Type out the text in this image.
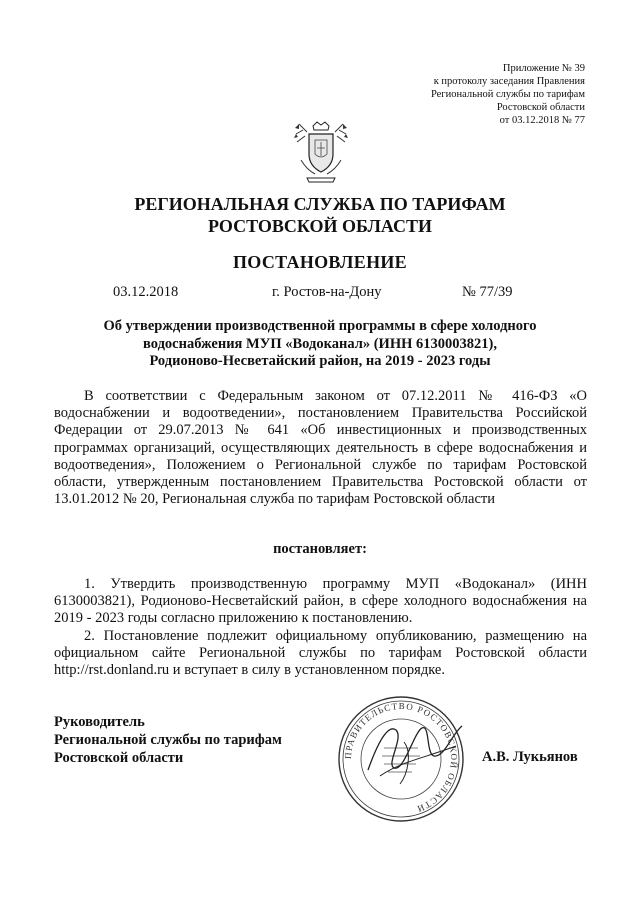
Приложение № 39
к протоколу заседания Правления
Региональной службы по тарифам
Ростовской области
от 03.12.2018 № 77
РЕГИОНАЛЬНАЯ СЛУЖБА ПО ТАРИФАМ
РОСТОВСКОЙ ОБЛАСТИ
ПОСТАНОВЛЕНИЕ
03.12.2018	г. Ростов-на-Дону	№ 77/39
Об утверждении производственной программы в сфере холодного
водоснабжения МУП «Водоканал» (ИНН 6130003821),
Родионово-Несветайский район, на 2019 - 2023 годы

В соответствии с Федеральным законом от 07.12.2011 № 416-ФЗ «О водоснабжении и водоотведении», постановлением Правительства Российской Федерации от 29.07.2013 № 641 «Об инвестиционных и производственных программах организаций, осуществляющих деятельность в сфере водоснабжения и водоотведения», Положением о Региональной службе по тарифам Ростовской области, утвержденным постановлением Правительства Ростовской области от 13.01.2012 № 20, Региональная служба по тарифам Ростовской области

постановляет:

1. Утвердить производственную программу МУП «Водоканал» (ИНН 6130003821), Родионово-Несветайский район, в сфере холодного водоснабжения на 2019 - 2023 годы согласно приложению к постановлению.

2. Постановление подлежит официальному опубликованию, размещению на официальном сайте Региональной службы по тарифам Ростовской области http://rst.donland.ru и вступает в силу в установленном порядке.

Руководитель
Региональной службы по тарифам
Ростовской области	ПРАВИТЕЛЬСТВО РОСТОВСКОЙ ОБЛАСТИ
А.В. Лукьянов
